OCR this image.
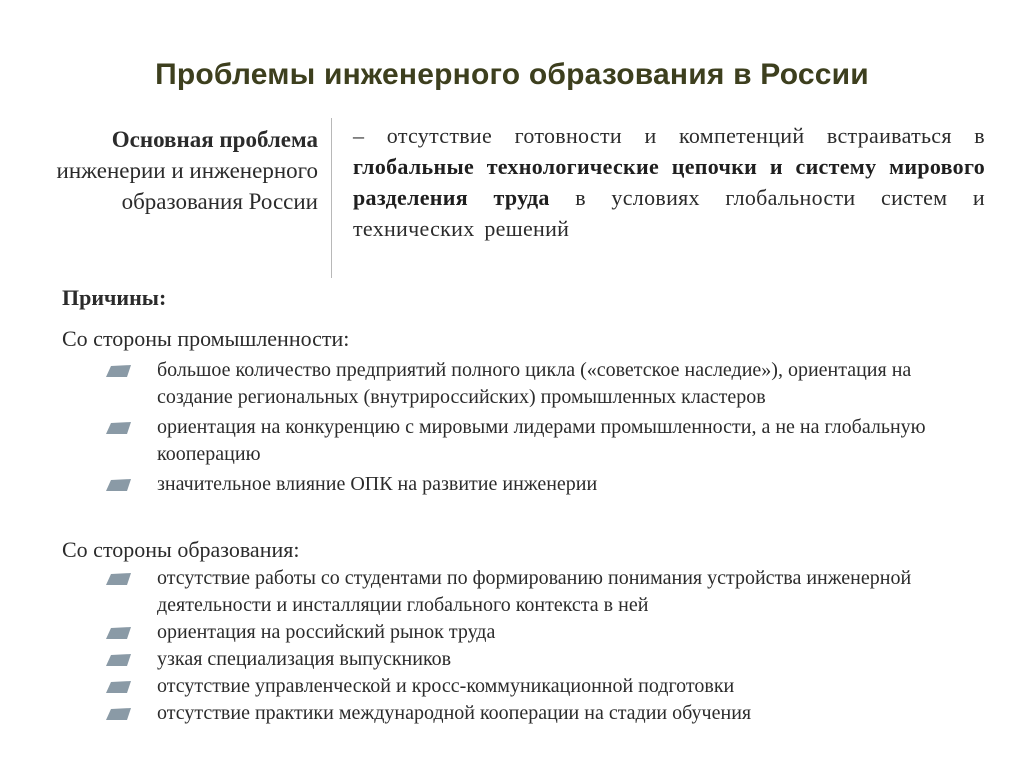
Проблемы инженерного образования в России
Основная проблема
инженерии и инженерного образования России
– отсутствие готовности и компетенций встраиваться в глобальные технологические цепочки и систему мирового разделения труда в условиях глобальности систем и технических решений
Причины:
Со стороны промышленности:
большое количество предприятий полного цикла («советское наследие»), ориентация на создание региональных (внутрироссийских) промышленных кластеров
ориентация на конкуренцию с мировыми лидерами промышленности, а не на глобальную кооперацию
значительное влияние ОПК на развитие инженерии
Со стороны образования:
отсутствие работы со студентами по формированию понимания устройства инженерной деятельности и инсталляции глобального контекста в ней
ориентация на российский рынок труда
узкая специализация выпускников
отсутствие управленческой и кросс-коммуникационной подготовки
отсутствие практики международной кооперации на стадии обучения
